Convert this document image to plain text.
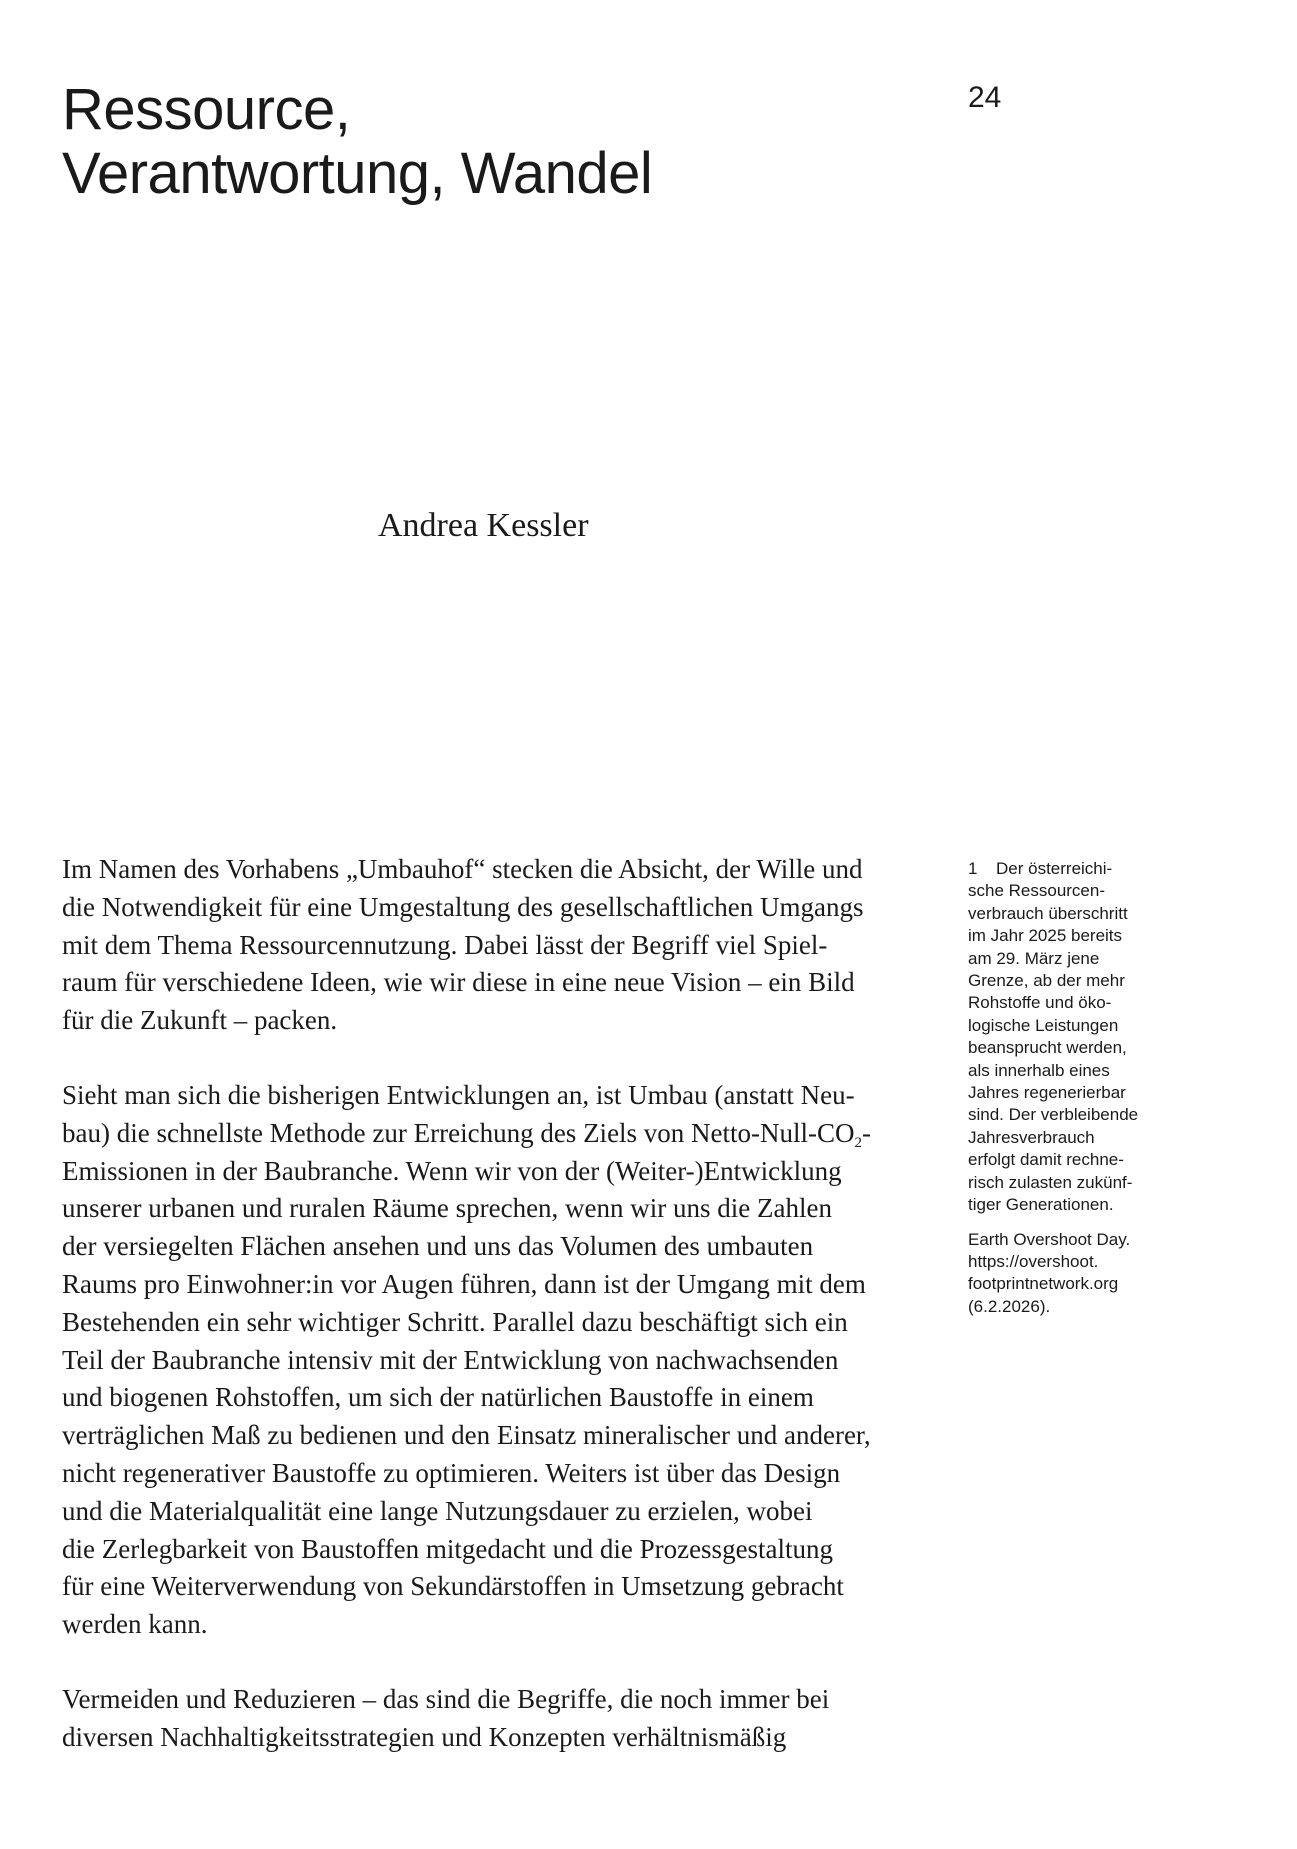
Ressource,
Verantwortung, Wandel
24
Andrea Kessler

Im Namen des Vorhabens „Umbauhof“ stecken die Absicht, der Wille und
die Notwendigkeit für eine Umgestaltung des gesellschaftlichen Umgangs
mit dem Thema Ressourcennutzung. Dabei lässt der Begriff viel Spiel-
raum für verschiedene Ideen, wie wir diese in eine neue Vision – ein Bild
für die Zukunft – packen.

Sieht man sich die bisherigen Entwicklungen an, ist Umbau (anstatt Neu-
bau) die schnellste Methode zur Erreichung des Ziels von Netto-$Null-CO_2-$
Emissionen in der Baubranche. Wenn wir von der (Weiter-)Entwicklung
unserer urbanen und ruralen Räume sprechen, wenn wir uns die Zahlen
der versiegelten Flächen ansehen und uns das Volumen des umbauten
Raums pro Einwohner:in vor Augen führen, dann ist der Umgang mit dem
Bestehenden ein sehr wichtiger Schritt. Parallel dazu beschäftigt sich ein
Teil der Baubranche intensiv mit der Entwicklung von nachwachsenden
und biogenen Rohstoffen, um sich der natürlichen Baustoffe in einem
verträglichen Maß zu bedienen und den Einsatz mineralischer und anderer,
nicht regenerativer Baustoffe zu optimieren. Weiters ist über das Design
und die Materialqualität eine lange Nutzungsdauer zu erzielen, wobei
die Zerlegbarkeit von Baustoffen mitgedacht und die Prozessgestaltung
für eine Weiterverwendung von Sekundärstoffen in Umsetzung gebracht
werden kann.

Vermeiden und Reduzieren – das sind die Begriffe, die noch immer bei
diversen Nachhaltigkeitsstrategien und Konzepten verhältnismäßig

1 Der österreichi-
sche Ressourcen-
verbrauch überschritt
im Jahr 2025 bereits
am 29. März jene
Grenze, ab der mehr
Rohstoffe und öko-
logische Leistungen
beansprucht werden,
als innerhalb eines
Jahres regenerierbar
sind. Der verbleibende
Jahresverbrauch
erfolgt damit rechne-
risch zulasten zukünf-
tiger Generationen.
Earth Overshoot Day.
https://overshoot.
footprintnetwork.org
(6.2.2026).
